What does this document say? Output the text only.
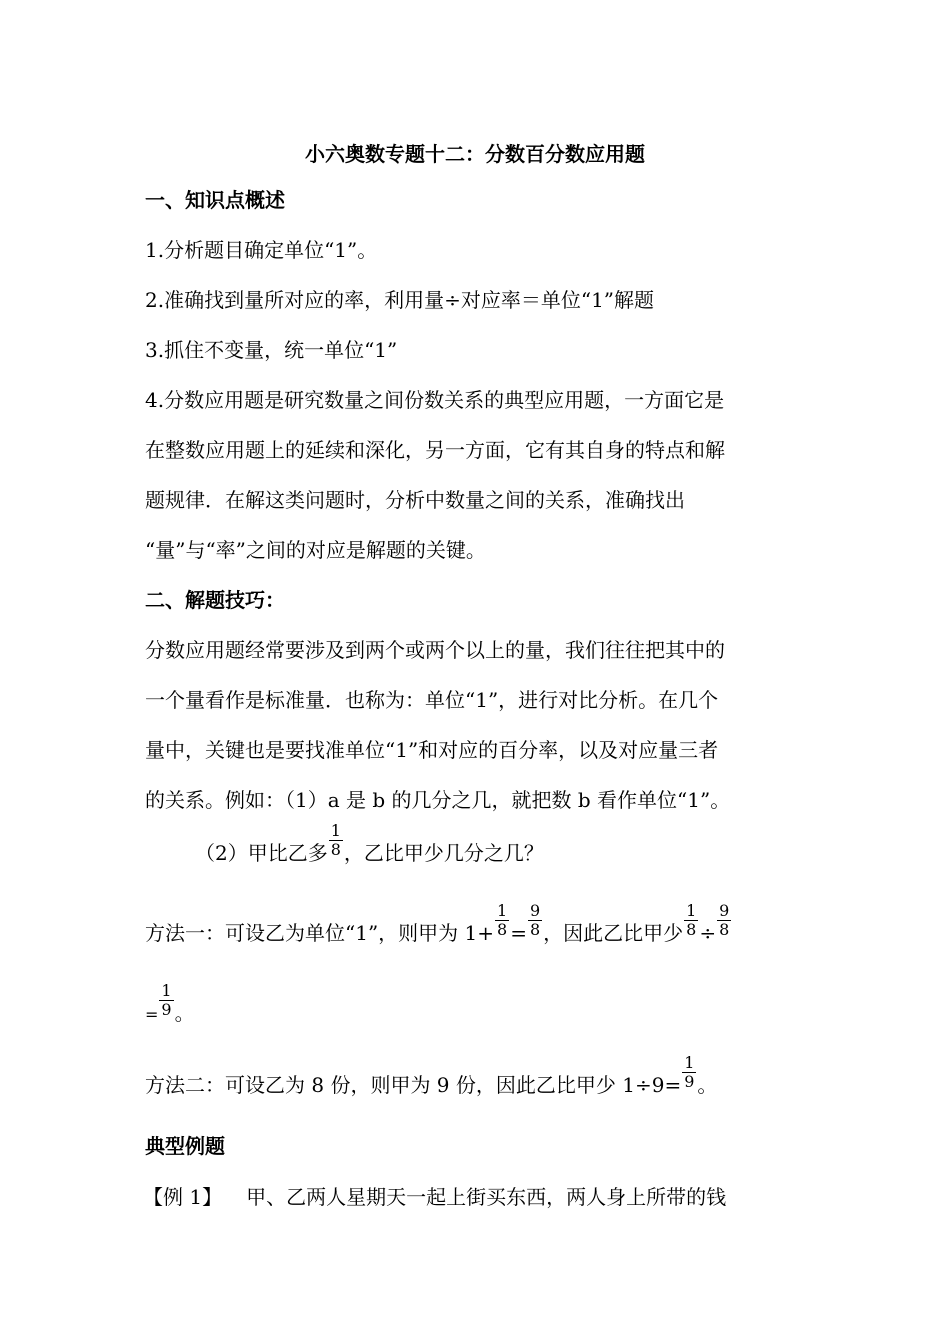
小六奥数专题十二：分数百分数应用题
一、知识点概述
1.分析题目确定单位“1”。
2.准确找到量所对应的率，利用量÷对应率＝单位“1”解题
3.抓住不变量，统一单位“1”
4.分数应用题是研究数量之间份数关系的典型应用题，一方面它是
在整数应用题上的延续和深化，另一方面，它有其自身的特点和解
题规律．在解这类问题时，分析中数量之间的关系，准确找出
“量”与“率”之间的对应是解题的关键。
二、解题技巧：
分数应用题经常要涉及到两个或两个以上的量，我们往往把其中的
一个量看作是标准量．也称为：单位“1”，进行对比分析。在几个
量中，关键也是要找准单位“1”和对应的百分率，以及对应量三者
的关系。例如：（1）a 是 b 的几分之几，就把数 b 看作单位“1”。
（2）甲比乙多 $\frac{1}{8}$ ，乙比甲少几分之几？
方法一：可设乙为单位“1”，则甲为 $1+ \frac{1}{8} = \frac{9}{8}$ ，因此乙比甲少 $\frac{1}{8} \div \frac{9}{8}$
= $\frac{1}{9}$ 。
方法二：可设乙为 8 份，则甲为 9 份，因此乙比甲少 $1\div 9= \frac{1}{9}$ 。
典型例题
【例 1】 甲、乙两人星期天一起上街买东西，两人身上所带的钱
